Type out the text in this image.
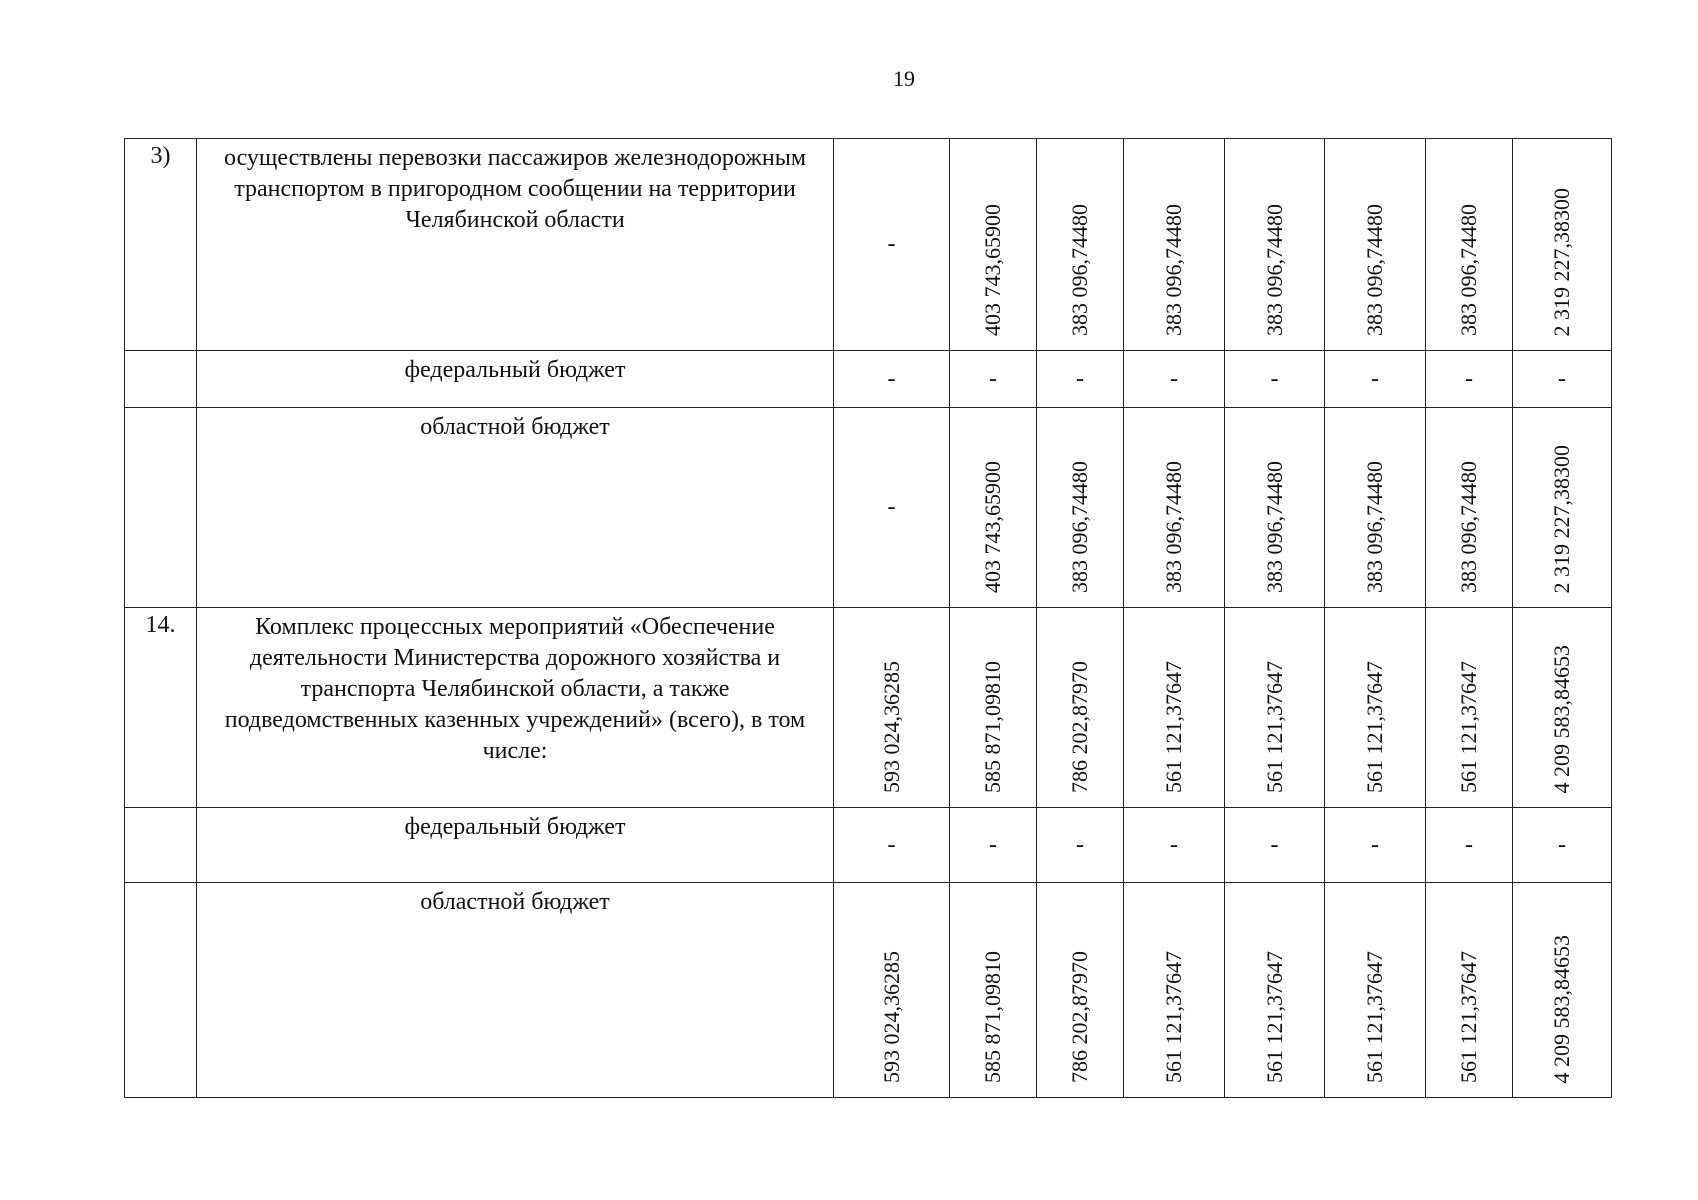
19
3)	осуществлены перевозки пассажиров железнодорожным транспортом в пригородном сообщении на территории Челябинской области	-	403 743,65900	383 096,74480	383 096,74480	383 096,74480	383 096,74480	383 096,74480	2 319 227,38300

	федеральный бюджет	-	-	-	-	-	-	-	-
	областной бюджет	-	403 743,65900	383 096,74480	383 096,74480	383 096,74480	383 096,74480	383 096,74480	2 319 227,38300

14.	Комплекс процессных мероприятий «Обеспечение деятельности Министерства дорожного хозяйства и транспорта Челябинской области, а также подведомственных казенных учреждений» (всего), в том числе:	593 024,36285	585 871,09810	786 202,87970	561 121,37647	561 121,37647	561 121,37647	561 121,37647	4 209 583,84653

	федеральный бюджет	-	-	-	-	-	-	-	-
	областной бюджет	593 024,36285	585 871,09810	786 202,87970	561 121,37647	561 121,37647	561 121,37647	561 121,37647	4 209 583,84653
